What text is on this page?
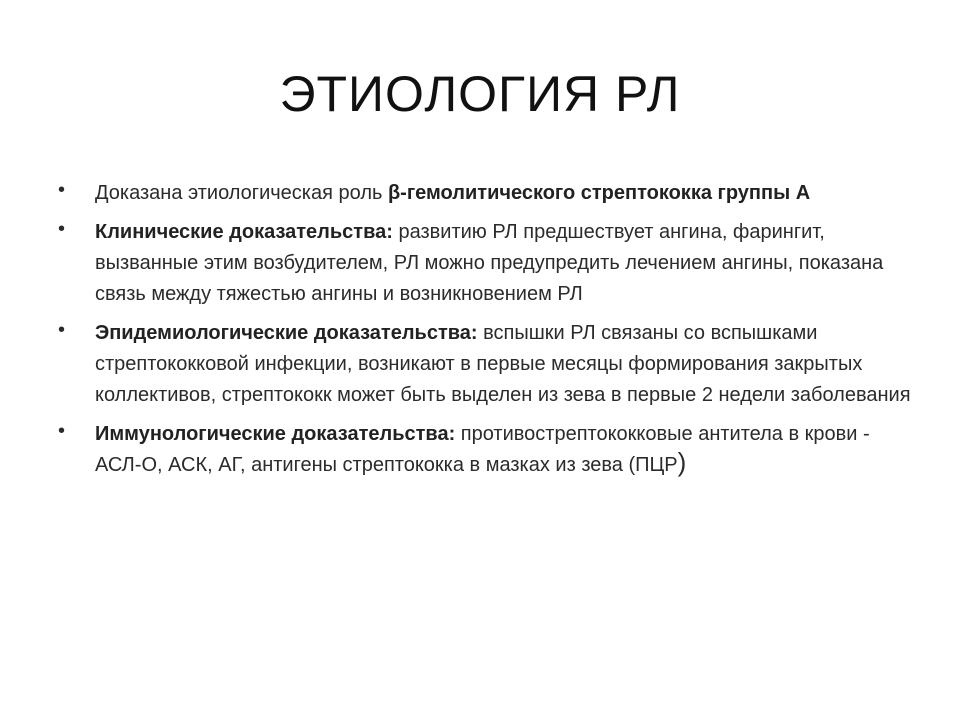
ЭТИОЛОГИЯ РЛ
•	Доказана этиологическая роль β-гемолитического стрептококка группы А
•	Клинические доказательства: развитию РЛ предшествует ангина, фарингит, вызванные этим возбудителем, РЛ можно предупредить лечением ангины, показана связь между тяжестью ангины и возникновением РЛ
•	Эпидемиологические доказательства: вспышки РЛ связаны со вспышками стрептококковой инфекции, возникают в первые месяцы формирования закрытых коллективов, стрептококк может быть выделен из зева в первые 2 недели заболевания
•	Иммунологические доказательства: противострептококковые антитела в крови - АСЛ-О, АСК, АГ, антигены стрептококка в мазках из зева (ПЦР)
